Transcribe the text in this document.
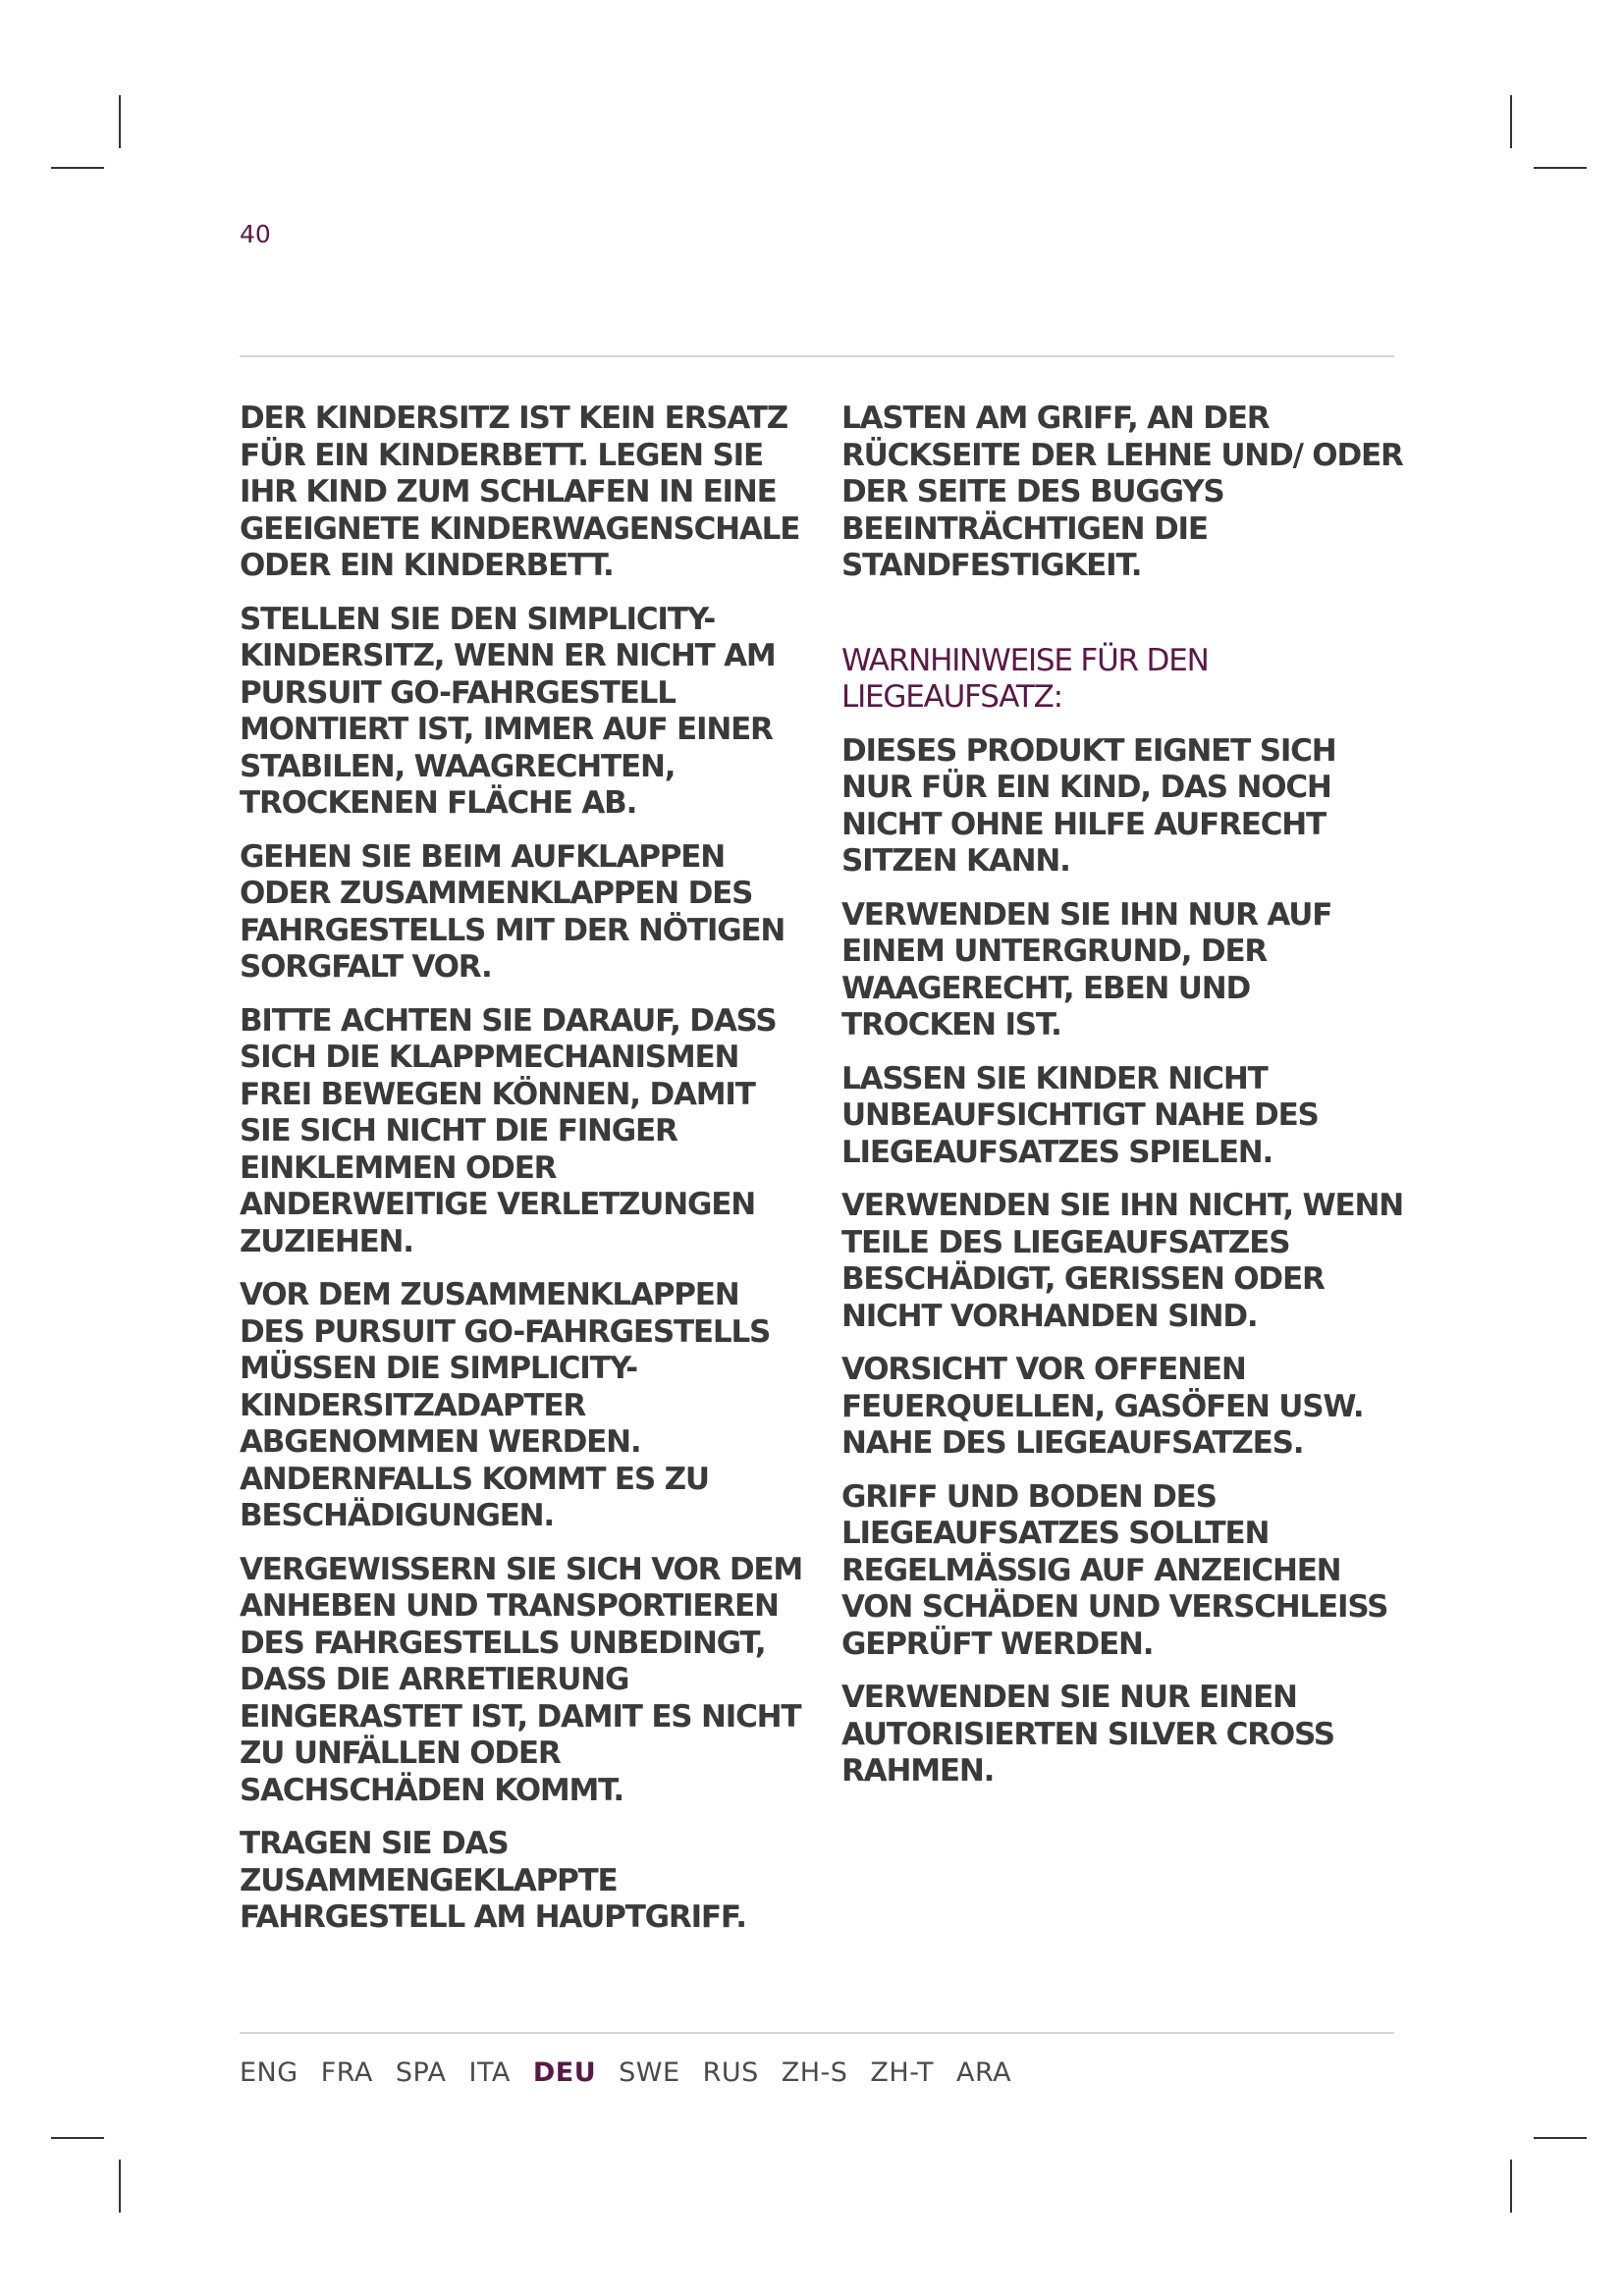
40

DER KINDERSITZ IST KEIN ERSATZ FÜR EIN KINDERBETT. LEGEN SIE IHR KIND ZUM SCHLAFEN IN EINE GEEIGNETE KINDERWAGENSCHALE ODER EIN KINDERBETT.

STELLEN SIE DEN SIMPLICITY-KINDERSITZ, WENN ER NICHT AM PURSUIT GO-FAHRGESTELL MONTIERT IST, IMMER AUF EINER STABILEN, WAAGRECHTEN, TROCKENEN FLÄCHE AB.

GEHEN SIE BEIM AUFKLAPPEN ODER ZUSAMMENKLAPPEN DES FAHRGESTELLS MIT DER NÖTIGEN SORGFALT VOR.

BITTE ACHTEN SIE DARAUF, DASS SICH DIE KLAPPMECHANISMEN FREI BEWEGEN KÖNNEN, DAMIT SIE SICH NICHT DIE FINGER EINKLEMMEN ODER ANDERWEITIGE VERLETZUNGEN ZUZIEHEN.

VOR DEM ZUSAMMENKLAPPEN DES PURSUIT GO-FAHRGESTELLS MÜSSEN DIE SIMPLICITY-KINDERSITZADAPTER ABGENOMMEN WERDEN. ANDERNFALLS KOMMT ES ZU BESCHÄDIGUNGEN.

VERGEWISSERN SIE SICH VOR DEM ANHEBEN UND TRANSPORTIEREN DES FAHRGESTELLS UNBEDINGT, DASS DIE ARRETIERUNG EINGERASTET IST, DAMIT ES NICHT ZU UNFÄLLEN ODER SACHSCHÄDEN KOMMT.

TRAGEN SIE DAS ZUSAMMENGEKLAPPTE FAHRGESTELL AM HAUPTGRIFF.

LASTEN AM GRIFF, AN DER RÜCKSEITE DER LEHNE UND/ ODER DER SEITE DES BUGGYS BEEINTRÄCHTIGEN DIE STANDFESTIGKEIT.

WARNHINWEISE FÜR DEN LIEGEAUFSATZ:

DIESES PRODUKT EIGNET SICH NUR FÜR EIN KIND, DAS NOCH NICHT OHNE HILFE AUFRECHT SITZEN KANN.

VERWENDEN SIE IHN NUR AUF EINEM UNTERGRUND, DER WAAGERECHT, EBEN UND TROCKEN IST.

LASSEN SIE KINDER NICHT UNBEAUFSICHTIGT NAHE DES LIEGEAUFSATZES SPIELEN.

VERWENDEN SIE IHN NICHT, WENN TEILE DES LIEGEAUFSATZES BESCHÄDIGT, GERISSEN ODER NICHT VORHANDEN SIND.

VORSICHT VOR OFFENEN FEUERQUELLEN, GASÖFEN USW. NAHE DES LIEGEAUFSATZES.

GRIFF UND BODEN DES LIEGEAUFSATZES SOLLTEN REGELMÄSSIG AUF ANZEICHEN VON SCHÄDEN UND VERSCHLEISS GEPRÜFT WERDEN.

VERWENDEN SIE NUR EINEN AUTORISIERTEN SILVER CROSS RAHMEN.

ENG FRA SPA ITA DEU SWE RUS ZH-S ZH-T ARA
